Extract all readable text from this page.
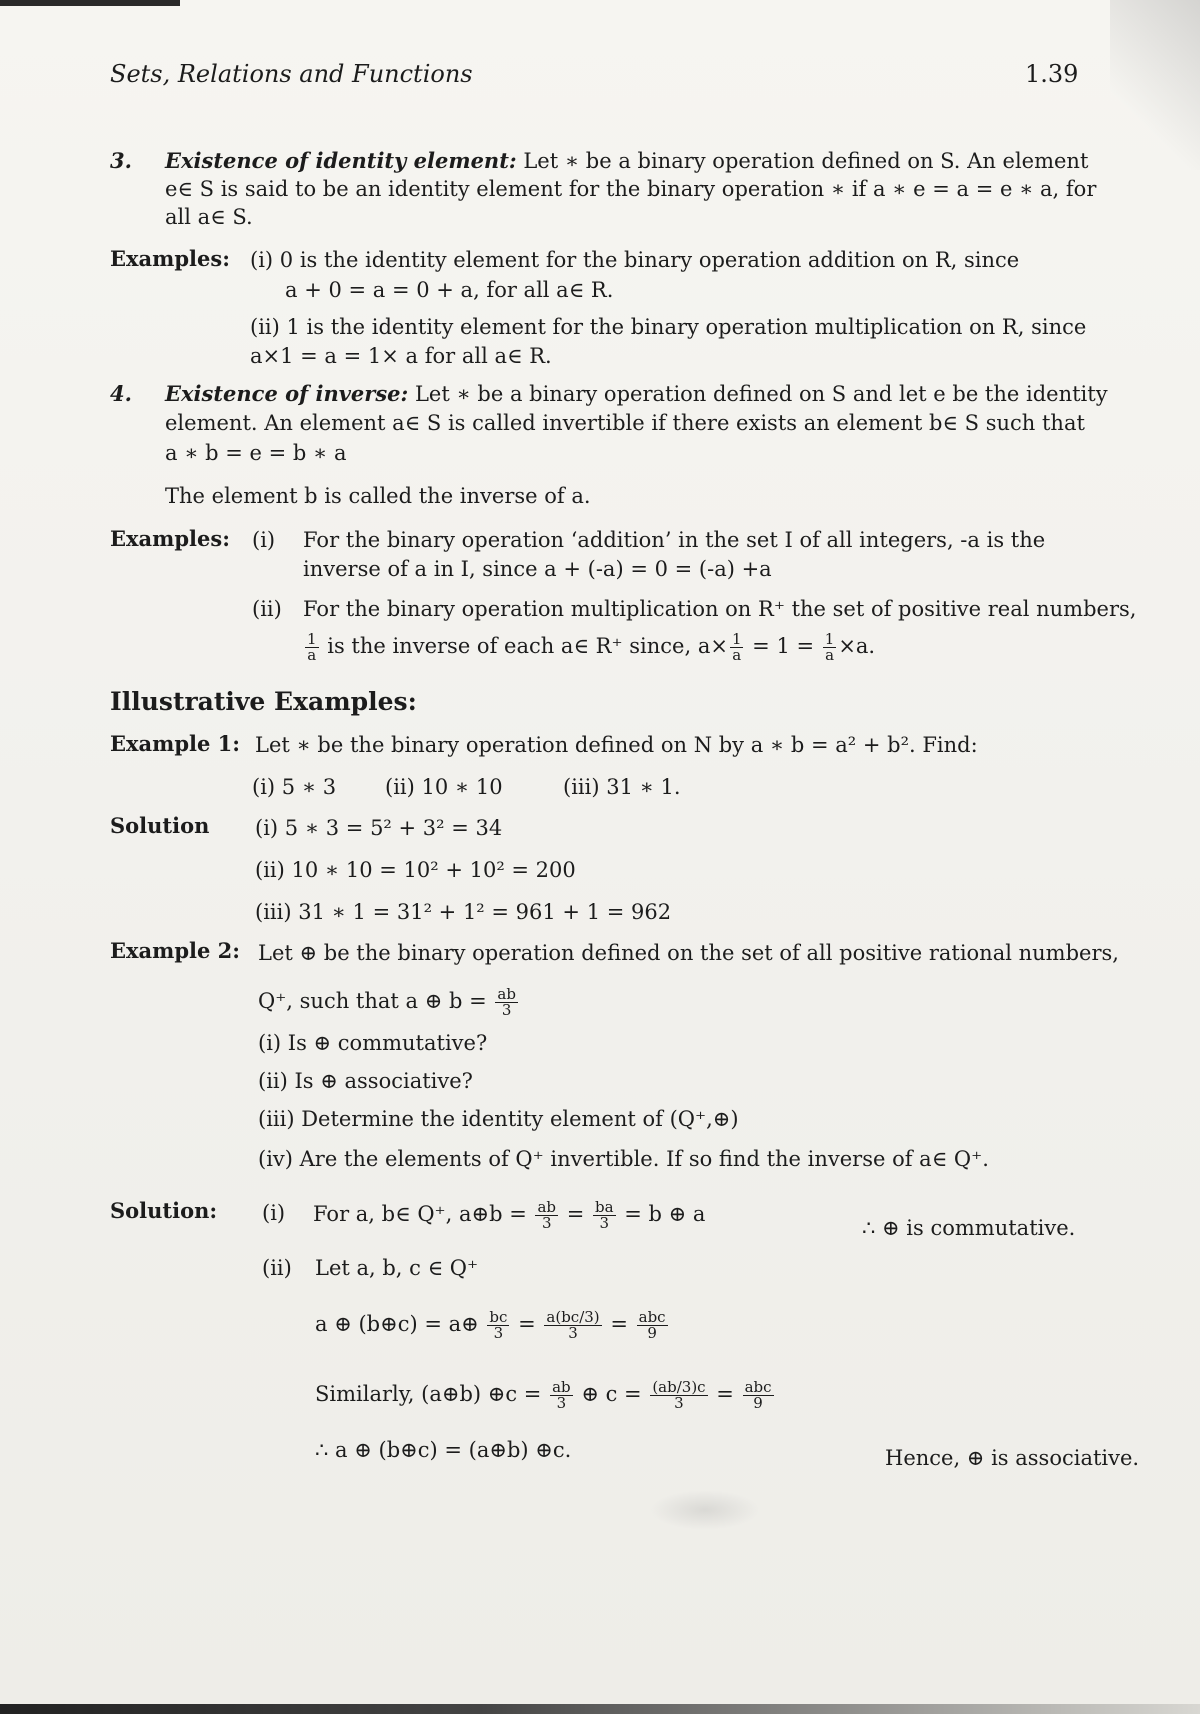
Sets, Relations and Functions	1.39
3. Existence of identity element: Let ∗ be a binary operation defined on S. An element
e∈ S is said to be an identity element for the binary operation ∗ if a ∗ e = a = e ∗ a, for
all a∈ S.
Examples: (i) 0 is the identity element for the binary operation addition on R, since
a + 0 = a = 0 + a, for all a∈ R.
(ii) 1 is the identity element for the binary operation multiplication on R, since
a×1 = a = 1× a for all a∈ R.
4. Existence of inverse: Let ∗ be a binary operation defined on S and let e be the identity
element. An element a∈ S is called invertible if there exists an element b∈ S such that
a ∗ b = e = b ∗ a
The element b is called the inverse of a.
Examples: (i) For the binary operation ‘addition’ in the set I of all integers, -a is the
inverse of a in I, since a + (-a) = 0 = (-a) +a
(ii) For the binary operation multiplication on R⁺ the set of positive real numbers,
$\frac{1}{a}$ is the inverse of each a∈ R⁺ since, $a\times \frac{1}{a} = 1 = \frac{1}{a} \times a$.
Illustrative Examples:
Example 1: Let ∗ be the binary operation defined on N by a ∗ b = a² + b². Find:
(i) 5 ∗ 3 (ii) 10 ∗ 10	(iii) 31 ∗ 1.
Solution (i) 5 ∗ 3 = 5² + 3² = 34
(ii) 10 ∗ 10 = 10² + 10² = 200
(iii) 31 ∗ 1 = 31² + 1² = 961 + 1 = 962
Example 2: Let ⊕ be the binary operation defined on the set of all positive rational numbers,
Q⁺, such that a ⊕ $b = \frac{ab}{3}$
(i) Is ⊕ commutative?
(ii) Is ⊕ associative?
(iii) Determine the identity element of (Q⁺,⊕)
(iv) Are the elements of Q⁺ invertible. If so find the inverse of a∈ Q⁺.
Solution: (i) For a, b∈ Q⁺, a⊕b = $\frac{ab}{3} = \frac{ba}{3} = b$ ⊕ a
∴ ⊕ is commutative.
(ii) Let a, b, c ∈ Q⁺
a ⊕ (b⊕c) = a⊕ $\frac{bc}{3} = \frac{a(bc/3)}{3} = \frac{\text{abc}}{9}$
Similarly, (a⊕b) ⊕c = $\frac{ab}{3}$ ⊕ $c = \frac{(ab/3)c}{3} = \frac{\text{abc}}{9}$
∴ a ⊕ (b⊕c) = (a⊕b) ⊕c.	Hence, ⊕ is associative.
